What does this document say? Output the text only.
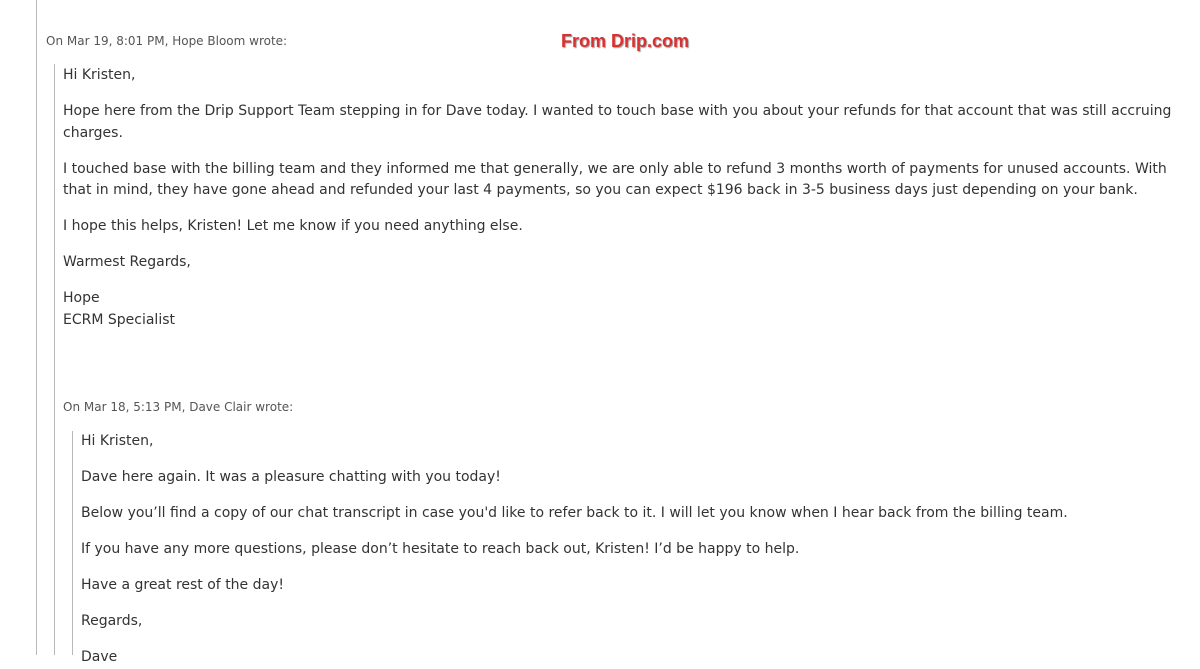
From Drip.com
On Mar 19, 8:01 PM, Hope Bloom wrote:

Hi Kristen,

Hope here from the Drip Support Team stepping in for Dave today. I wanted to touch base with you about your refunds for that account that was still accruing charges.

I touched base with the billing team and they informed me that generally, we are only able to refund 3 months worth of payments for unused accounts. With that in mind, they have gone ahead and refunded your last 4 payments, so you can expect $196 back in 3-5 business days just depending on your bank.

I hope this helps, Kristen! Let me know if you need anything else.

Warmest Regards,

Hope
ECRM Specialist
On Mar 18, 5:13 PM, Dave Clair wrote:

Hi Kristen,

Dave here again. It was a pleasure chatting with you today!

Below you’ll find a copy of our chat transcript in case you'd like to refer back to it. I will let you know when I hear back from the billing team.

If you have any more questions, please don’t hesitate to reach back out, Kristen! I’d be happy to help.

Have a great rest of the day!

Regards,

Dave
